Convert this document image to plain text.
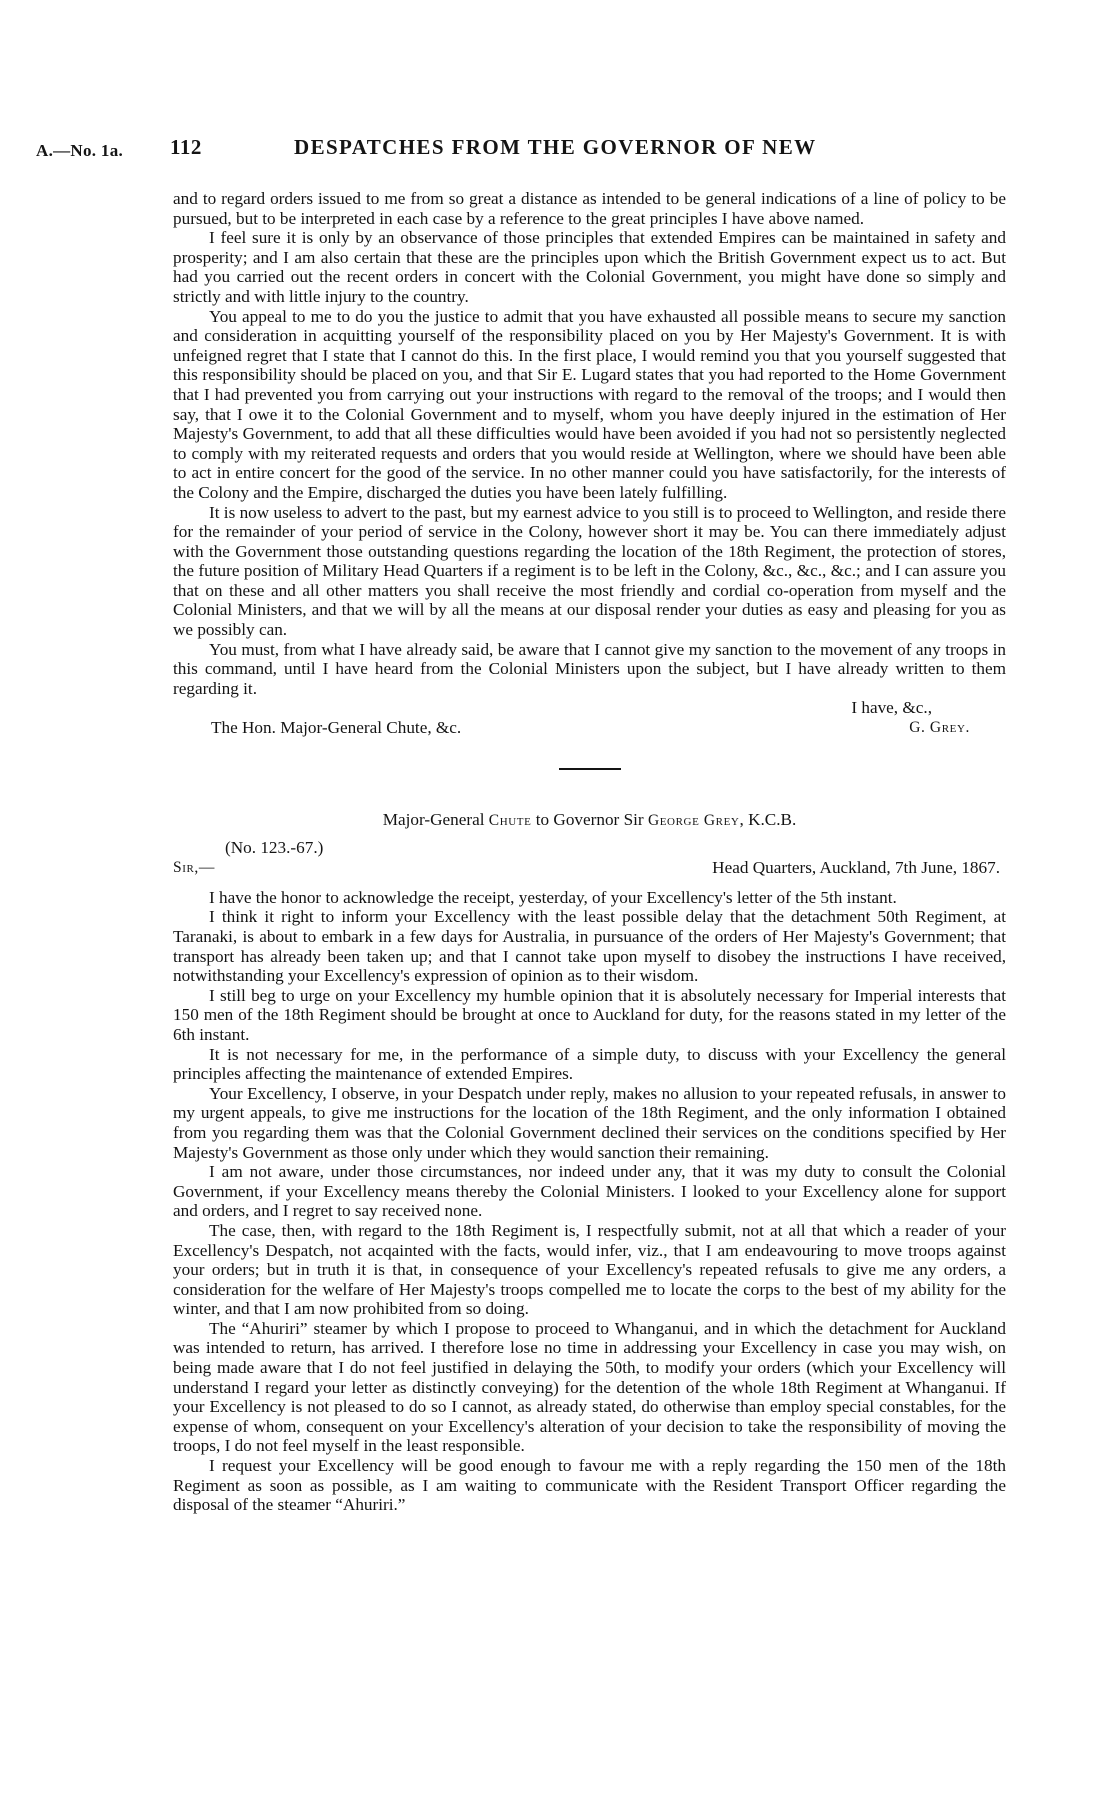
A.—No. 1a. 112	DESPATCHES FROM THE GOVERNOR OF NEW

and to regard orders issued to me from so great a distance as intended to be general indications of a line of policy to be pursued, but to be interpreted in each case by a reference to the great principles I have above named.

I feel sure it is only by an observance of those principles that extended Empires can be maintained in safety and prosperity; and I am also certain that these are the principles upon which the British Government expect us to act. But had you carried out the recent orders in concert with the Colonial Government, you might have done so simply and strictly and with little injury to the country.

You appeal to me to do you the justice to admit that you have exhausted all possible means to secure my sanction and consideration in acquitting yourself of the responsibility placed on you by Her Majesty's Government. It is with unfeigned regret that I state that I cannot do this. In the first place, I would remind you that you yourself suggested that this responsibility should be placed on you, and that Sir E. Lugard states that you had reported to the Home Government that I had prevented you from carrying out your instructions with regard to the removal of the troops; and I would then say, that I owe it to the Colonial Government and to myself, whom you have deeply injured in the estimation of Her Majesty's Government, to add that all these difficulties would have been avoided if you had not so persistently neglected to comply with my reiterated requests and orders that you would reside at Wellington, where we should have been able to act in entire concert for the good of the service. In no other manner could you have satisfactorily, for the interests of the Colony and the Empire, discharged the duties you have been lately fulfilling.

It is now useless to advert to the past, but my earnest advice to you still is to proceed to Wellington, and reside there for the remainder of your period of service in the Colony, however short it may be. You can there immediately adjust with the Government those outstanding questions regarding the location of the 18th Regiment, the protection of stores, the future position of Military Head Quarters if a regiment is to be left in the Colony, &c., &c., &c.; and I can assure you that on these and all other matters you shall receive the most friendly and cordial co-operation from myself and the Colonial Ministers, and that we will by all the means at our disposal render your duties as easy and pleasing for you as we possibly can.

You must, from what I have already said, be aware that I cannot give my sanction to the movement of any troops in this command, until I have heard from the Colonial Ministers upon the subject, but I have already written to them regarding it.

I have, &c.,
The Hon. Major-General Chute, &c.	G. Grey.

Major-General Chute to Governor Sir George Grey, K.C.B.

(No. 123.-67.)

Sir,—	Head Quarters, Auckland, 7th June, 1867.

I have the honor to acknowledge the receipt, yesterday, of your Excellency's letter of the 5th instant.

I think it right to inform your Excellency with the least possible delay that the detachment 50th Regiment, at Taranaki, is about to embark in a few days for Australia, in pursuance of the orders of Her Majesty's Government; that transport has already been taken up; and that I cannot take upon myself to disobey the instructions I have received, notwithstanding your Excellency's expression of opinion as to their wisdom.

I still beg to urge on your Excellency my humble opinion that it is absolutely necessary for Imperial interests that 150 men of the 18th Regiment should be brought at once to Auckland for duty, for the reasons stated in my letter of the 6th instant.

It is not necessary for me, in the performance of a simple duty, to discuss with your Excellency the general principles affecting the maintenance of extended Empires.

Your Excellency, I observe, in your Despatch under reply, makes no allusion to your repeated refusals, in answer to my urgent appeals, to give me instructions for the location of the 18th Regiment, and the only information I obtained from you regarding them was that the Colonial Government declined their services on the conditions specified by Her Majesty's Government as those only under which they would sanction their remaining.

I am not aware, under those circumstances, nor indeed under any, that it was my duty to consult the Colonial Government, if your Excellency means thereby the Colonial Ministers. I looked to your Excellency alone for support and orders, and I regret to say received none.

The case, then, with regard to the 18th Regiment is, I respectfully submit, not at all that which a reader of your Excellency's Despatch, not acqainted with the facts, would infer, viz., that I am endeavouring to move troops against your orders; but in truth it is that, in consequence of your Excellency's repeated refusals to give me any orders, a consideration for the welfare of Her Majesty's troops compelled me to locate the corps to the best of my ability for the winter, and that I am now prohibited from so doing.

The “Ahuriri” steamer by which I propose to proceed to Whanganui, and in which the detachment for Auckland was intended to return, has arrived. I therefore lose no time in addressing your Excellency in case you may wish, on being made aware that I do not feel justified in delaying the 50th, to modify your orders (which your Excellency will understand I regard your letter as distinctly conveying) for the detention of the whole 18th Regiment at Whanganui. If your Excellency is not pleased to do so I cannot, as already stated, do otherwise than employ special constables, for the expense of whom, consequent on your Excellency's alteration of your decision to take the responsibility of moving the troops, I do not feel myself in the least responsible.

I request your Excellency will be good enough to favour me with a reply regarding the 150 men of the 18th Regiment as soon as possible, as I am waiting to communicate with the Resident Transport Officer regarding the disposal of the steamer “Ahuriri.”
